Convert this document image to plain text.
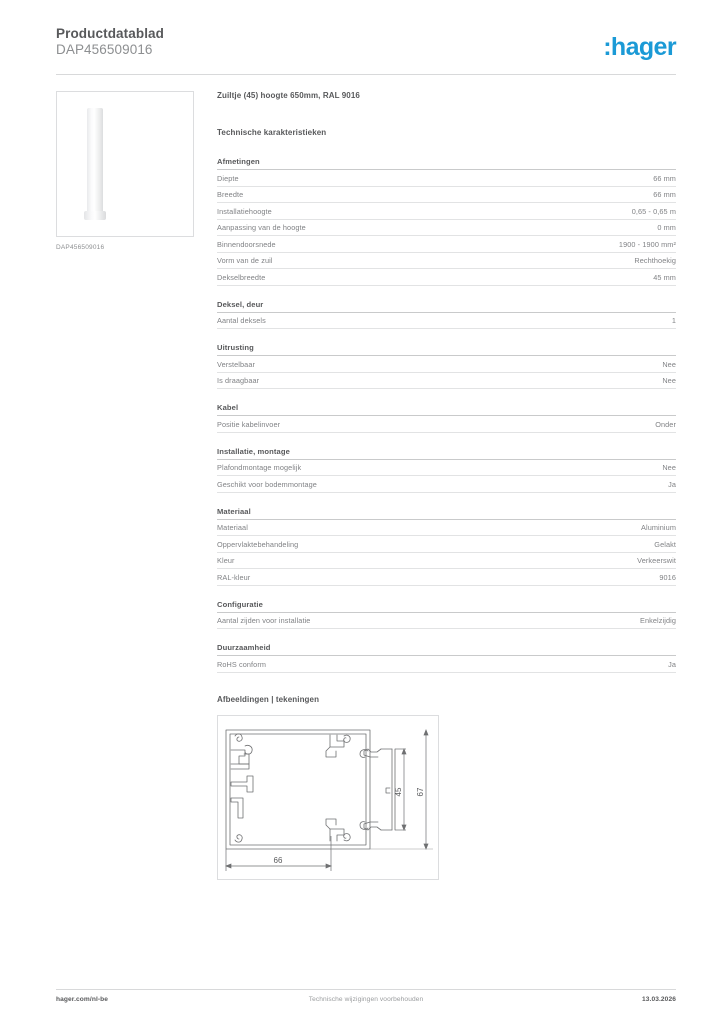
Productdatablad
DAP456509016	:hager
DAP456509016
Zuiltje (45) hoogte 650mm, RAL 9016
Technische karakteristieken
Afmetingen
Diepte	66 mm
Breedte	66 mm
Installatiehoogte	0,65 - 0,65 m
Aanpassing van de hoogte	0 mm
Binnendoorsnede	1900 - 1900 mm²
Vorm van de zuil	Rechthoekig
Dekselbreedte	45 mm
Deksel, deur
Aantal deksels	1
Uitrusting
Verstelbaar	Nee
Is draagbaar	Nee
Kabel
Positie kabelinvoer	Onder
Installatie, montage
Plafondmontage mogelijk	Nee
Geschikt voor bodemmontage	Ja
Materiaal
Materiaal	Aluminium
Oppervlaktebehandeling	Gelakt
Kleur	Verkeerswit
RAL-kleur	9016
Configuratie
Aantal zijden voor installatie	Enkelzijdig
Duurzaamheid
RoHS conform	Ja
Afbeeldingen | tekeningen
45 67
66
hager.com/nl-be	Technische wijzigingen voorbehouden	13.03.2026
